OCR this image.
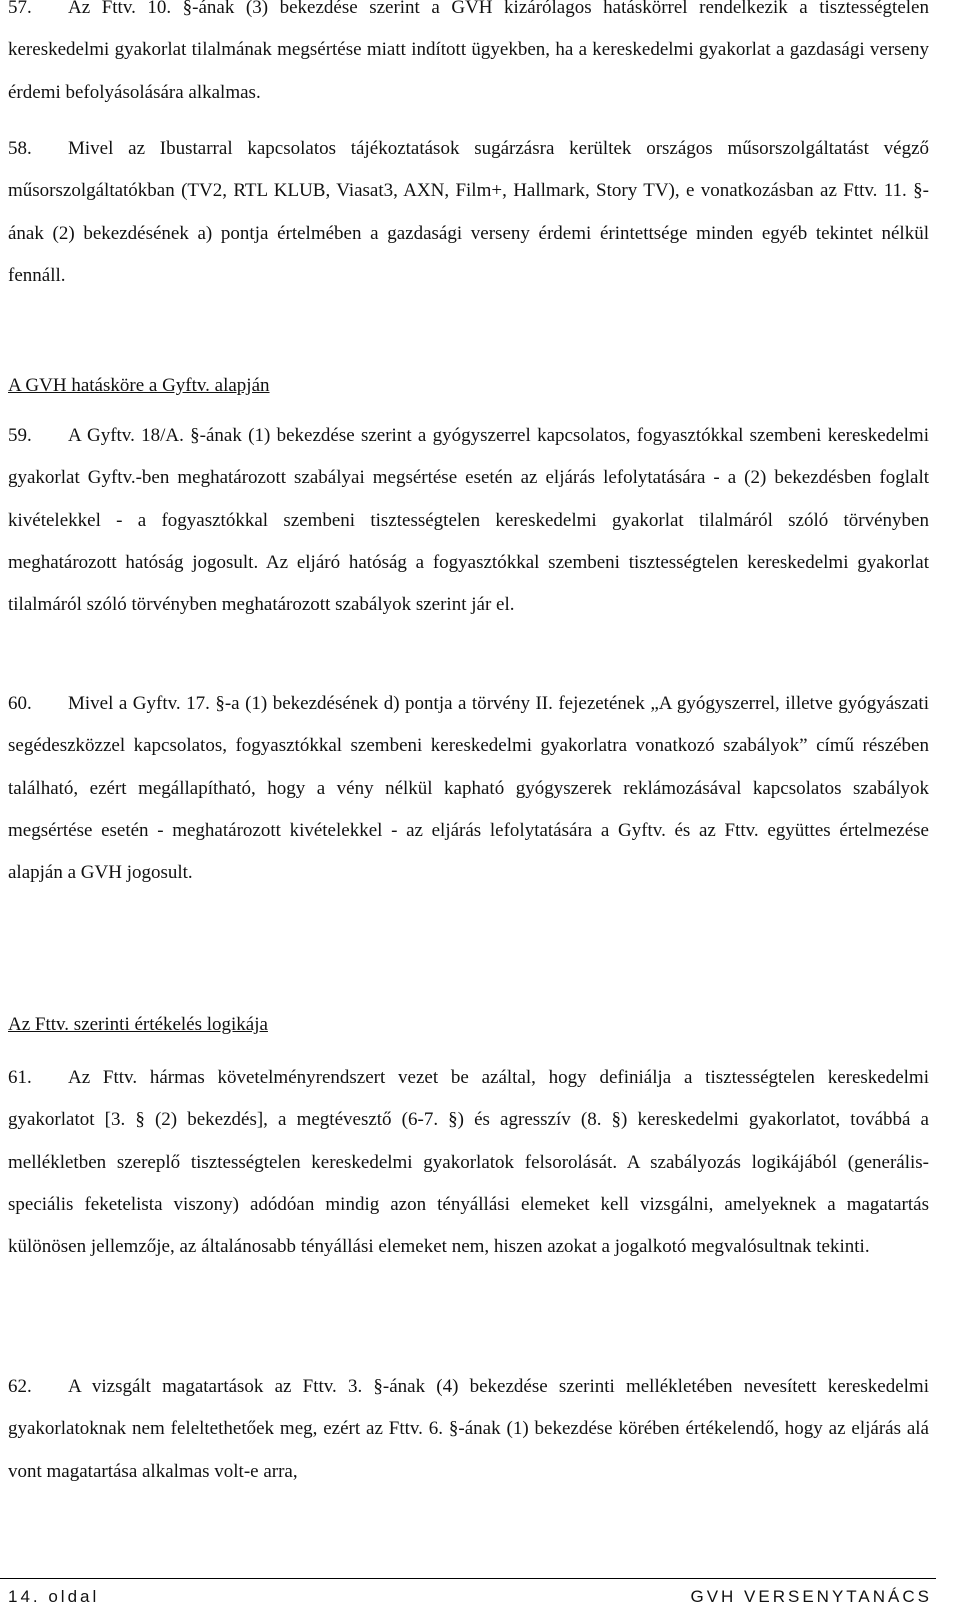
57. Az Fttv. 10. §-ának (3) bekezdése szerint a GVH kizárólagos hatáskörrel rendelkezik a tisztességtelen kereskedelmi gyakorlat tilalmának megsértése miatt indított ügyekben, ha a kereskedelmi gyakorlat a gazdasági verseny érdemi befolyásolására alkalmas.

58. Mivel az Ibustarral kapcsolatos tájékoztatások sugárzásra kerültek országos műsorszolgáltatást végző műsorszolgáltatókban (TV2, RTL KLUB, Viasat3, AXN, Film+, Hallmark, Story TV), e vonatkozásban az Fttv. 11. §-ának (2) bekezdésének a) pontja értelmében a gazdasági verseny érdemi érintettsége minden egyéb tekintet nélkül fennáll.

A GVH hatásköre a Gyftv. alapján

59. A Gyftv. 18/A. §-ának (1) bekezdése szerint a gyógyszerrel kapcsolatos, fogyasztókkal szembeni kereskedelmi gyakorlat Gyftv.-ben meghatározott szabályai megsértése esetén az eljárás lefolytatására - a (2) bekezdésben foglalt kivételekkel - a fogyasztókkal szembeni tisztességtelen kereskedelmi gyakorlat tilalmáról szóló törvényben meghatározott hatóság jogosult. Az eljáró hatóság a fogyasztókkal szembeni tisztességtelen kereskedelmi gyakorlat tilalmáról szóló törvényben meghatározott szabályok szerint jár el.

60. Mivel a Gyftv. 17. §-a (1) bekezdésének d) pontja a törvény II. fejezetének „A gyógyszerrel, illetve gyógyászati segédeszközzel kapcsolatos, fogyasztókkal szembeni kereskedelmi gyakorlatra vonatkozó szabályok” című részében található, ezért megállapítható, hogy a vény nélkül kapható gyógyszerek reklámozásával kapcsolatos szabályok megsértése esetén - meghatározott kivételekkel - az eljárás lefolytatására a Gyftv. és az Fttv. együttes értelmezése alapján a GVH jogosult.

Az Fttv. szerinti értékelés logikája

61. Az Fttv. hármas követelményrendszert vezet be azáltal, hogy definiálja a tisztességtelen kereskedelmi gyakorlatot [3. § (2) bekezdés], a megtévesztő (6-7. §) és agresszív (8. §) kereskedelmi gyakorlatot, továbbá a mellékletben szereplő tisztességtelen kereskedelmi gyakorlatok felsorolását. A szabályozás logikájából (generális-speciális feketelista viszony) adódóan mindig azon tényállási elemeket kell vizsgálni, amelyeknek a magatartás különösen jellemzője, az általánosabb tényállási elemeket nem, hiszen azokat a jogalkotó megvalósultnak tekinti.

62. A vizsgált magatartások az Fttv. 3. §-ának (4) bekezdése szerinti mellékletében nevesített kereskedelmi gyakorlatoknak nem feleltethetőek meg, ezért az Fttv. 6. §-ának (1) bekezdése körében értékelendő, hogy az eljárás alá vont magatartása alkalmas volt-e arra,

14. oldal	GVH VERSENYTANÁCS
